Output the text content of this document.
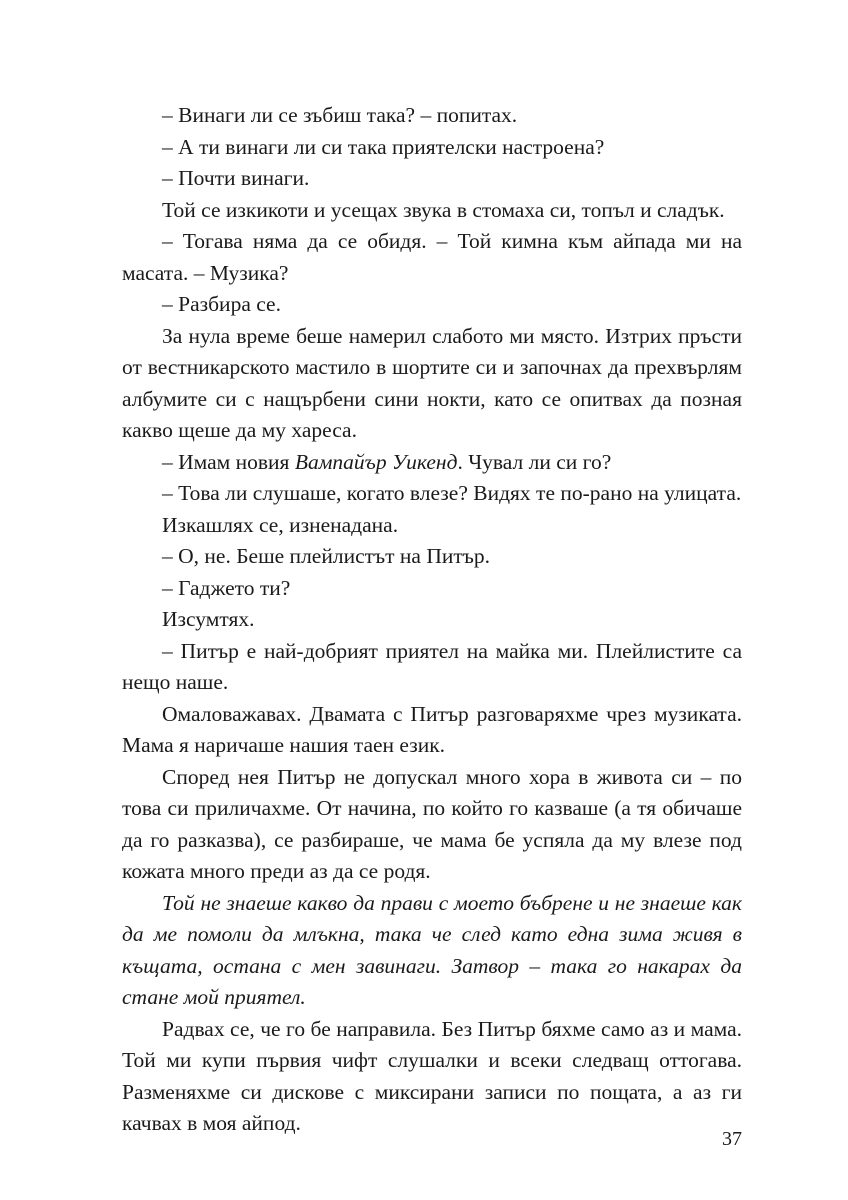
– Винаги ли се зъбиш така? – попитах.

– А ти винаги ли си така приятелски настроена?

– Почти винаги.

Той се изкикоти и усещах звука в стомаха си, топъл и сладък.

– Тогава няма да се обидя. – Той кимна към айпада ми на масата. – Музика?

– Разбира се.

За нула време беше намерил слабото ми място. Изтрих пръсти от вестникарското мастило в шортите си и започнах да прехвърлям албумите си с нащърбени сини нокти, като се опитвах да позная какво щеше да му хареса.

– Имам новия Вампайър Уикенд. Чувал ли си го?

– Това ли слушаше, когато влезе? Видях те по-рано на улицата.

Изкашлях се, изненадана.

– О, не. Беше плейлистът на Питър.

– Гаджето ти?

Изсумтях.

– Питър е най-добрият приятел на майка ми. Плейлистите са нещо наше.

Омаловажавах. Двамата с Питър разговаряхме чрез музиката. Мама я наричаше нашия таен език.

Според нея Питър не допускал много хора в живота си – по това си приличахме. От начина, по който го казваше (а тя обичаше да го разказва), се разбираше, че мама бе успяла да му влезе под кожата много преди аз да се родя.

Той не знаеше какво да прави с моето бъбрене и не знаеше как да ме помоли да млъкна, така че след като една зима живя в къщата, остана с мен завинаги. Затвор – така го накарах да стане мой приятел.

Радвах се, че го бе направила. Без Питър бяхме само аз и мама. Той ми купи първия чифт слушалки и всеки следващ оттогава. Разменяхме си дискове с миксирани записи по пощата, а аз ги качвах в моя айпод.

37
